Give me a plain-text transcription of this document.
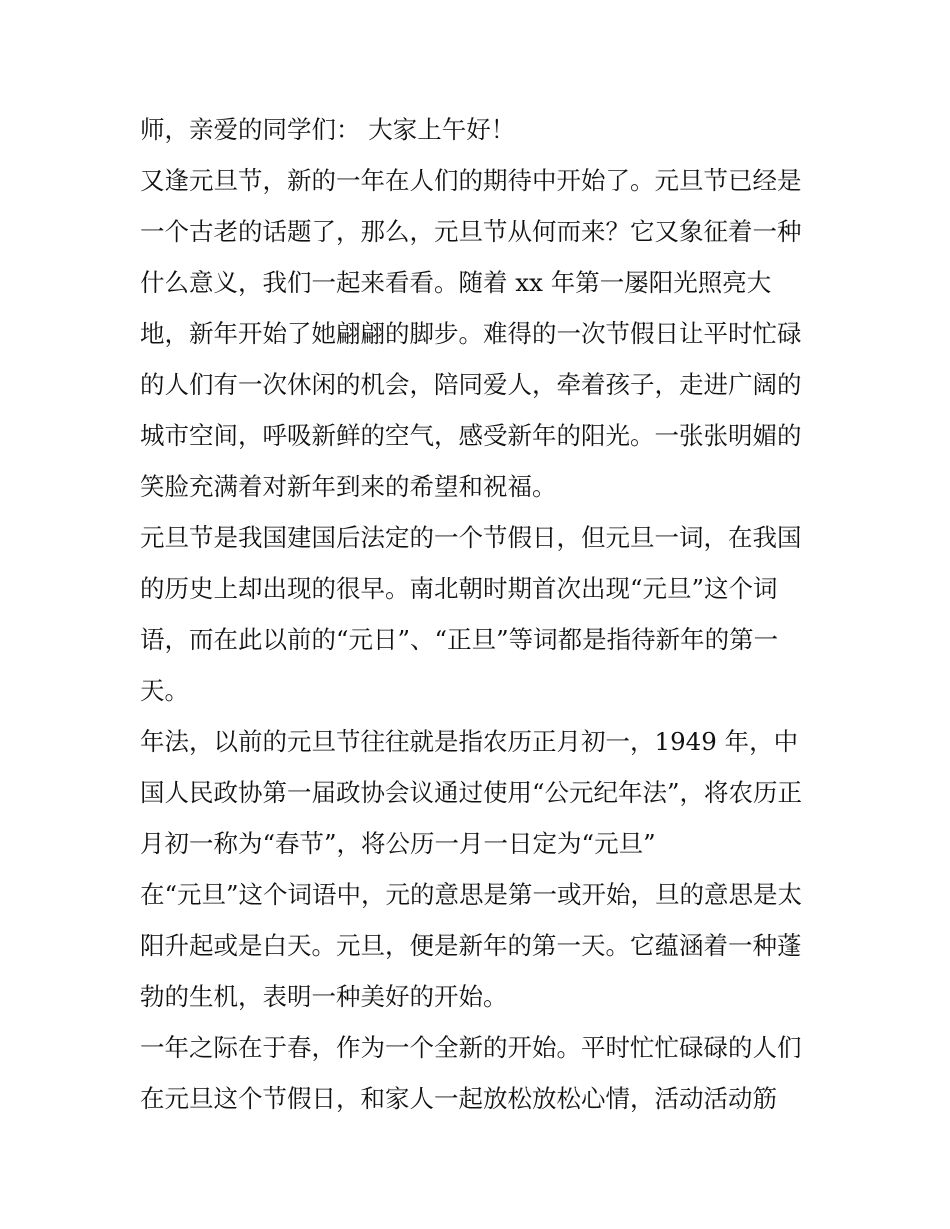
师，亲爱的同学们： 大家上午好！
又逢元旦节，新的一年在人们的期待中开始了。元旦节已经是
一个古老的话题了，那么，元旦节从何而来？它又象征着一种
什么意义，我们一起来看看。随着 xx 年第一屡阳光照亮大
地，新年开始了她翩翩的脚步。难得的一次节假日让平时忙碌
的人们有一次休闲的机会，陪同爱人，牵着孩子，走进广阔的
城市空间，呼吸新鲜的空气，感受新年的阳光。一张张明媚的
笑脸充满着对新年到来的希望和祝福。
元旦节是我国建国后法定的一个节假日，但元旦一词，在我国
的历史上却出现的很早。南北朝时期首次出现“元旦”这个词
语，而在此以前的“元日”、“正旦”等词都是指待新年的第一
天。
年法，以前的元旦节往往就是指农历正月初一，1949 年，中
国人民政协第一届政协会议通过使用“公元纪年法”，将农历正
月初一称为“春节”，将公历一月一日定为“元旦”
在“元旦”这个词语中，元的意思是第一或开始，旦的意思是太
阳升起或是白天。元旦，便是新年的第一天。它蕴涵着一种蓬
勃的生机，表明一种美好的开始。
一年之际在于春，作为一个全新的开始。平时忙忙碌碌的人们
在元旦这个节假日，和家人一起放松放松心情，活动活动筋
